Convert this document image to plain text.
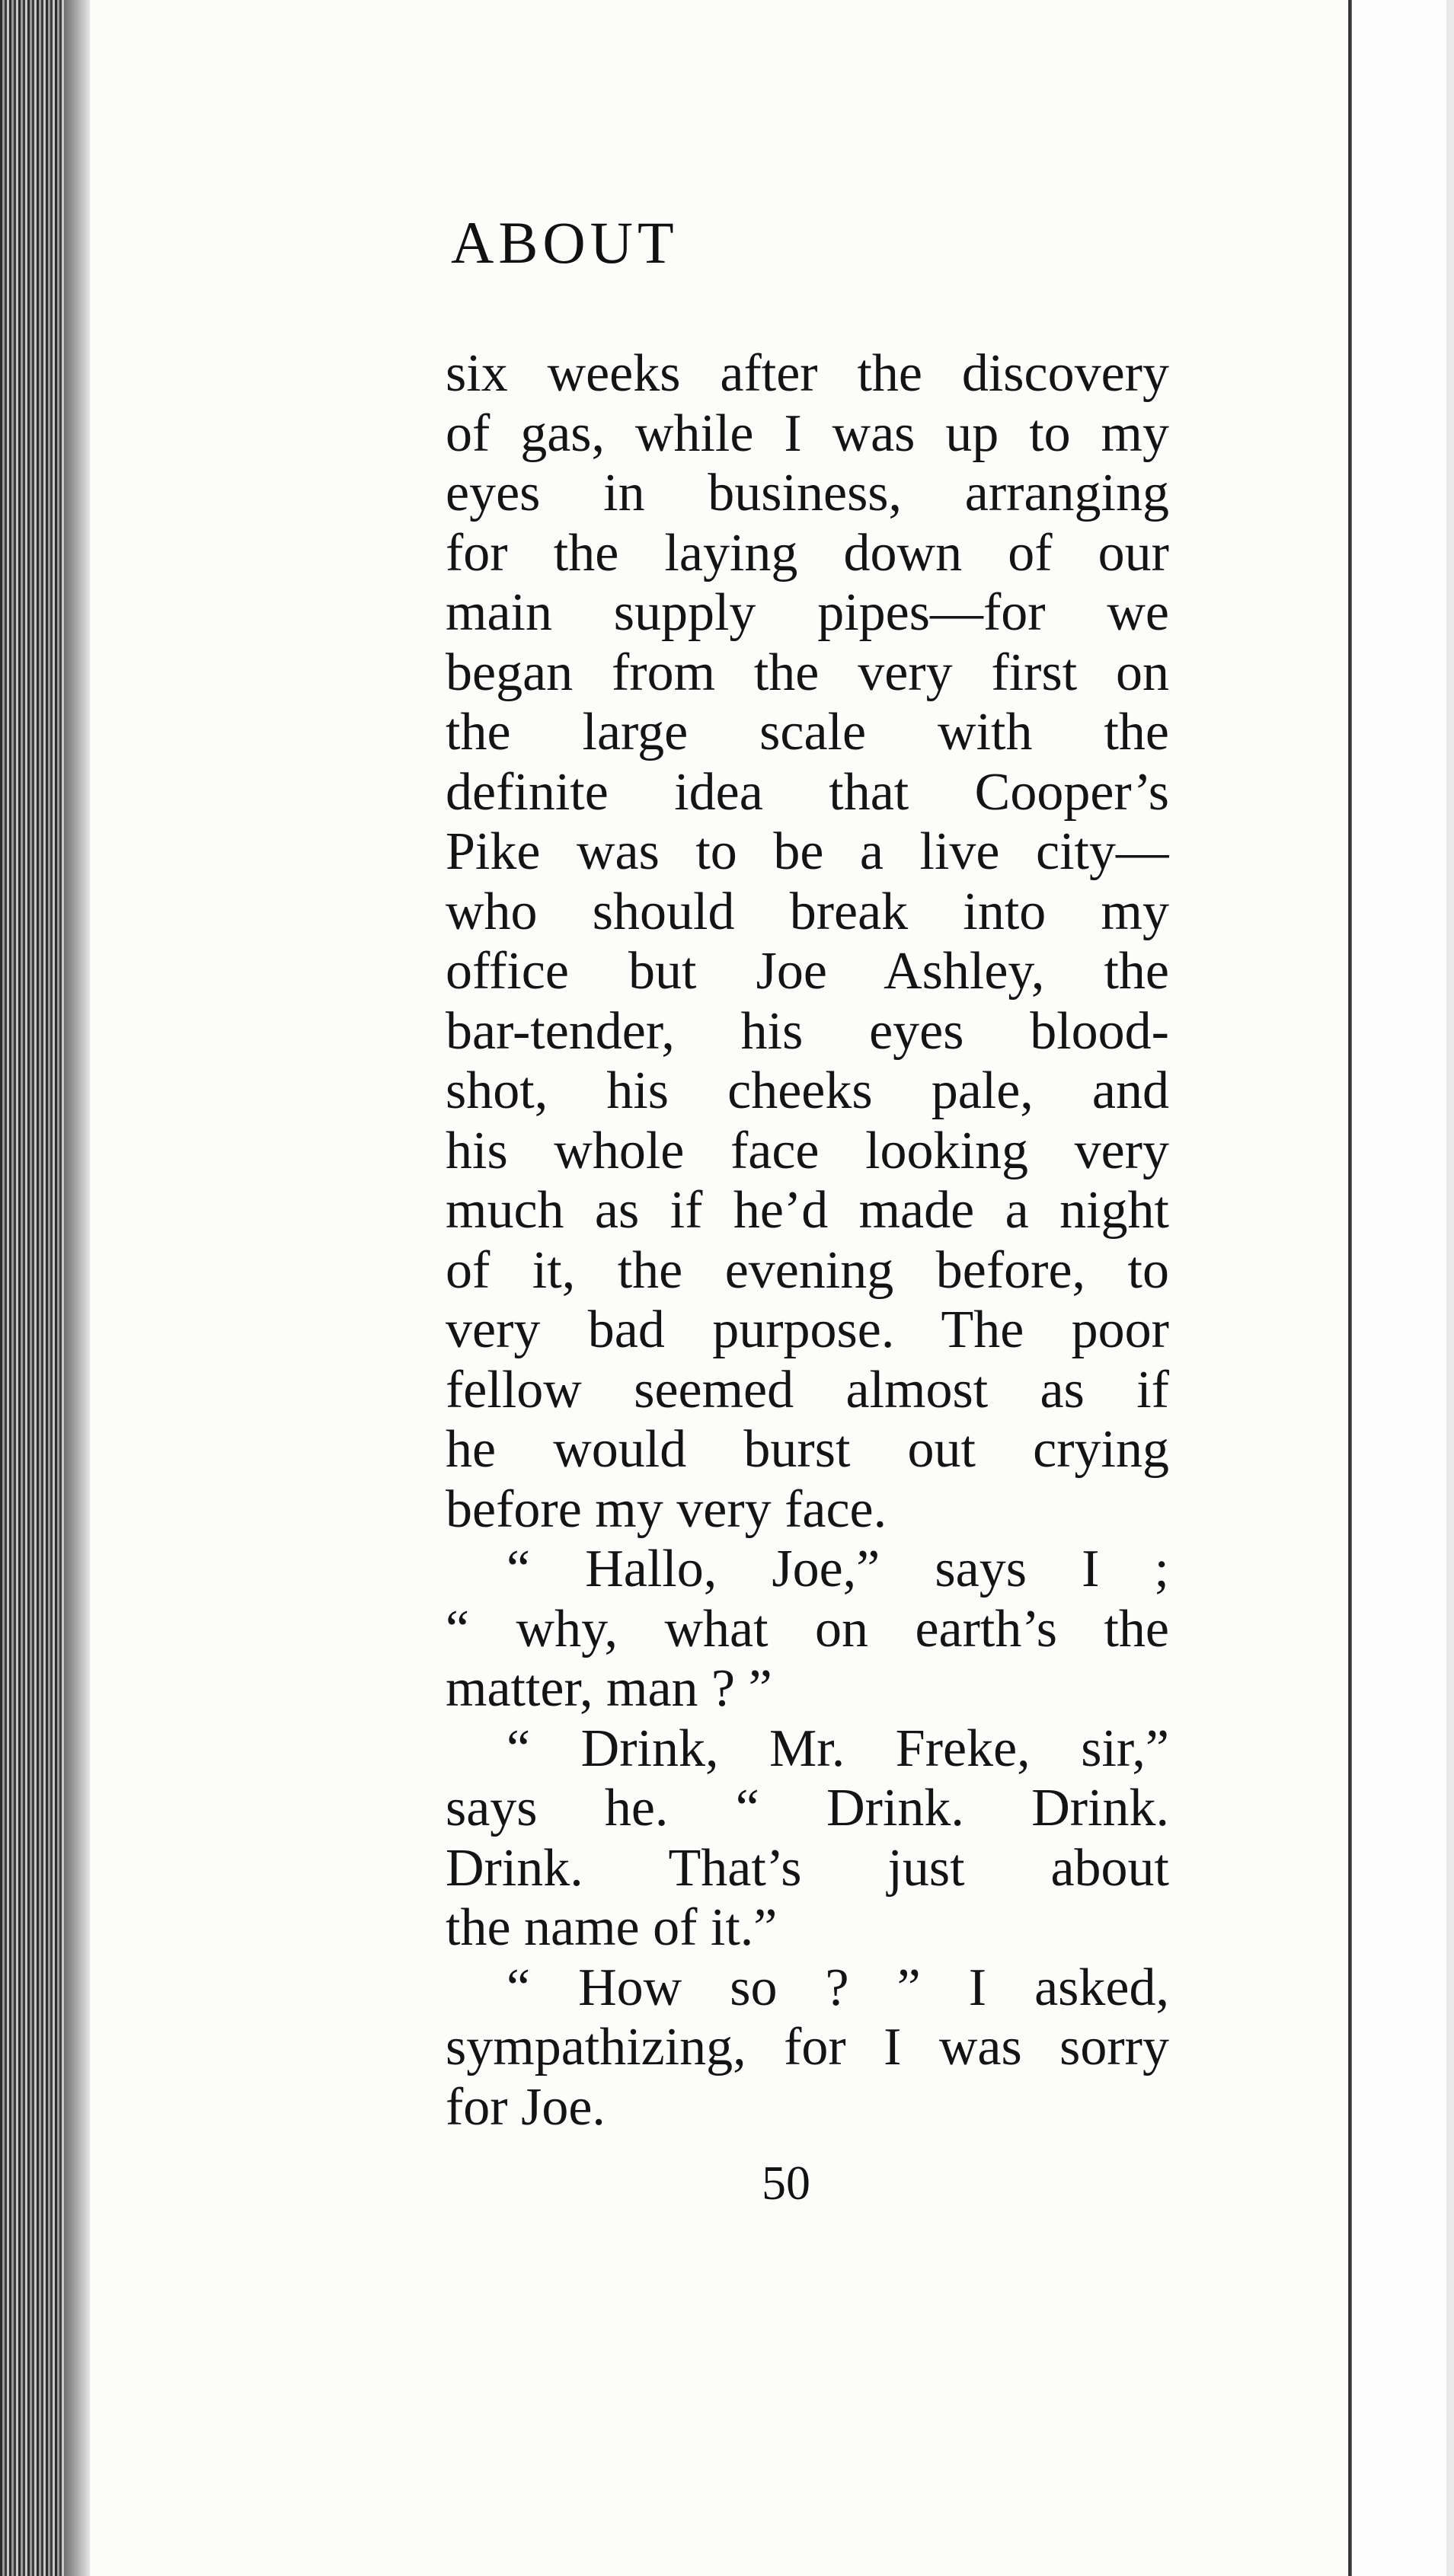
ABOUT
six weeks after the discovery
of gas, while I was up to my
eyes in business, arranging
for the laying down of our
main supply pipes—for we
began from the very first on
the large scale with the
definite idea that Cooper’s
Pike was to be a live city—
who should break into my
office but Joe Ashley, the
bar-tender, his eyes blood-
shot, his cheeks pale, and
his whole face looking very
much as if he’d made a night
of it, the evening before, to
very bad purpose. The poor
fellow seemed almost as if
he would burst out crying
before my very face.
“ Hallo, Joe,” says I ;
“ why, what on earth’s the
matter, man ? ”
“ Drink, Mr. Freke, sir,”
says he. “ Drink. Drink.
Drink. That’s just about
the name of it.”
“ How so ? ” I asked,
sympathizing, for I was sorry
for Joe.
50
